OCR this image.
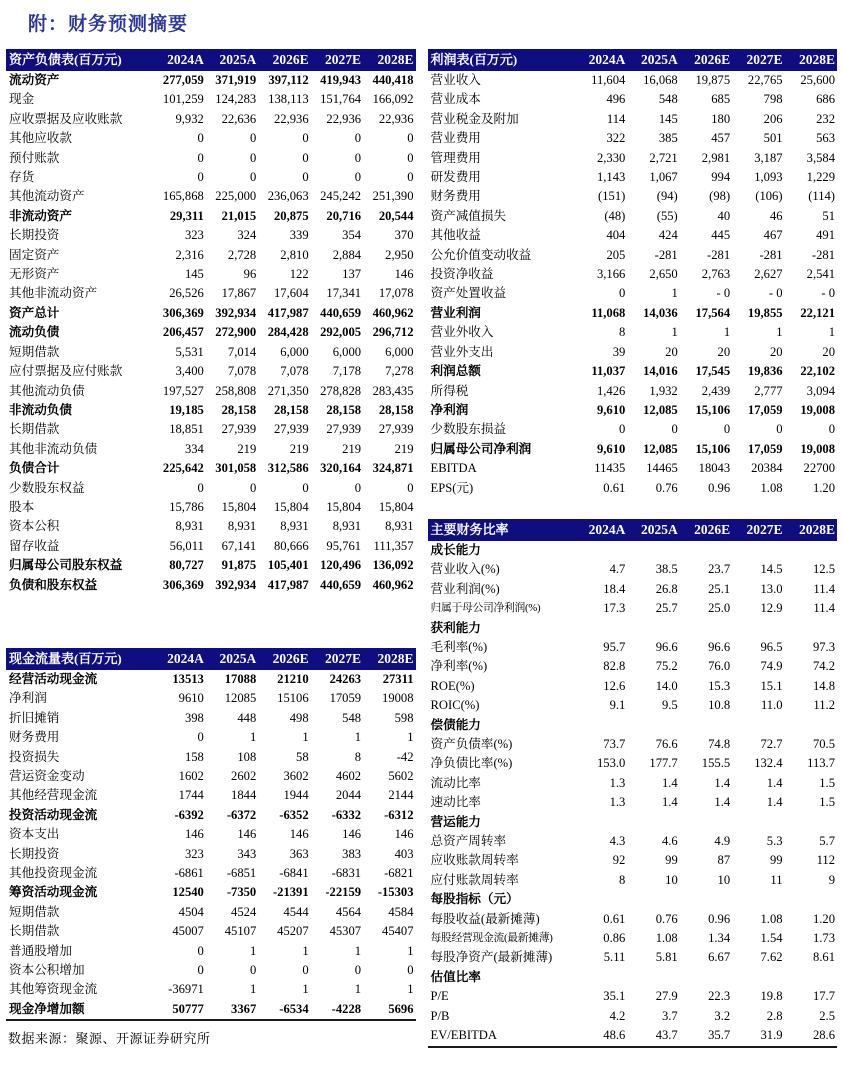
附：财务预测摘要
资产负债表(百万元)	2024A	2025A	2026E	2027E	2028E
流动资产	277,059	371,919	397,112	419,943	440,418
现金	101,259	124,283	138,113	151,764	166,092
应收票据及应收账款	9,932	22,636	22,936	22,936	22,936
其他应收款	0	0	0	0	0
预付账款	0	0	0	0	0
存货	0	0	0	0	0
其他流动资产	165,868	225,000	236,063	245,242	251,390
非流动资产	29,311	21,015	20,875	20,716	20,544
长期投资	323	324	339	354	370
固定资产	2,316	2,728	2,810	2,884	2,950
无形资产	145	96	122	137	146
其他非流动资产	26,526	17,867	17,604	17,341	17,078
资产总计	306,369	392,934	417,987	440,659	460,962
流动负债	206,457	272,900	284,428	292,005	296,712
短期借款	5,531	7,014	6,000	6,000	6,000
应付票据及应付账款	3,400	7,078	7,078	7,178	7,278
其他流动负债	197,527	258,808	271,350	278,828	283,435
非流动负债	19,185	28,158	28,158	28,158	28,158
长期借款	18,851	27,939	27,939	27,939	27,939
其他非流动负债	334	219	219	219	219
负债合计	225,642	301,058	312,586	320,164	324,871
少数股东权益	0	0	0	0	0
股本	15,786	15,804	15,804	15,804	15,804
资本公积	8,931	8,931	8,931	8,931	8,931
留存收益	56,011	67,141	80,666	95,761	111,357
归属母公司股东权益	80,727	91,875	105,401	120,496	136,092
负债和股东权益	306,369	392,934	417,987	440,659	460,962
现金流量表(百万元)	2024A	2025A	2026E	2027E	2028E
经营活动现金流	13513	17088	21210	24263	27311
净利润	9610	12085	15106	17059	19008
折旧摊销	398	448	498	548	598
财务费用	0	1	1	1	1
投资损失	158	108	58	8	-42
营运资金变动	1602	2602	3602	4602	5602
其他经营现金流	1744	1844	1944	2044	2144
投资活动现金流	-6392	-6372	-6352	-6332	-6312
资本支出	146	146	146	146	146
长期投资	323	343	363	383	403
其他投资现金流	-6861	-6851	-6841	-6831	-6821
筹资活动现金流	12540	-7350	-21391	-22159	-15303
短期借款	4504	4524	4544	4564	4584
长期借款	45007	45107	45207	45307	45407
普通股增加	0	1	1	1	1
资本公积增加	0	0	0	0	0
其他筹资现金流	-36971	1	1	1	1
现金净增加额	50777	3367	-6534	-4228	5696
数据来源：聚源、开源证券研究所
利润表(百万元)	2024A	2025A	2026E	2027E	2028E
营业收入	11,604	16,068	19,875	22,765	25,600
营业成本	496	548	685	798	686
营业税金及附加	114	145	180	206	232
营业费用	322	385	457	501	563
管理费用	2,330	2,721	2,981	3,187	3,584
研发费用	1,143	1,067	994	1,093	1,229
财务费用	(151)	(94)	(98)	(106)	(114)
资产减值损失	(48)	(55)	40	46	51
其他收益	404	424	445	467	491
公允价值变动收益	205	-281	-281	-281	-281
投资净收益	3,166	2,650	2,763	2,627	2,541
资产处置收益	0	1	- 0	- 0	- 0
营业利润	11,068	14,036	17,564	19,855	22,121
营业外收入	8	1	1	1	1
营业外支出	39	20	20	20	20
利润总额	11,037	14,016	17,545	19,836	22,102
所得税	1,426	1,932	2,439	2,777	3,094
净利润	9,610	12,085	15,106	17,059	19,008
少数股东损益	0	0	0	0	0
归属母公司净利润	9,610	12,085	15,106	17,059	19,008
EBITDA	11435	14465	18043	20384	22700
EPS(元)	0.61	0.76	0.96	1.08	1.20
主要财务比率	2024A	2025A	2026E	2027E	2028E
成长能力					
营业收入(%)	4.7	38.5	23.7	14.5	12.5
营业利润(%)	18.4	26.8	25.1	13.0	11.4
归属于母公司净利润(%)	17.3	25.7	25.0	12.9	11.4
获利能力					
毛利率(%)	95.7	96.6	96.6	96.5	97.3
净利率(%)	82.8	75.2	76.0	74.9	74.2
ROE(%)	12.6	14.0	15.3	15.1	14.8
ROIC(%)	9.1	9.5	10.8	11.0	11.2
偿债能力					
资产负债率(%)	73.7	76.6	74.8	72.7	70.5
净负债比率(%)	153.0	177.7	155.5	132.4	113.7
流动比率	1.3	1.4	1.4	1.4	1.5
速动比率	1.3	1.4	1.4	1.4	1.5
营运能力					
总资产周转率	4.3	4.6	4.9	5.3	5.7
应收账款周转率	92	99	87	99	112
应付账款周转率	8	10	10	11	9
每股指标（元）					
每股收益(最新摊薄)	0.61	0.76	0.96	1.08	1.20
每股经营现金流(最新摊薄)	0.86	1.08	1.34	1.54	1.73
每股净资产(最新摊薄)	5.11	5.81	6.67	7.62	8.61
估值比率					
P/E	35.1	27.9	22.3	19.8	17.7
P/B	4.2	3.7	3.2	2.8	2.5
EV/EBITDA	48.6	43.7	35.7	31.9	28.6
